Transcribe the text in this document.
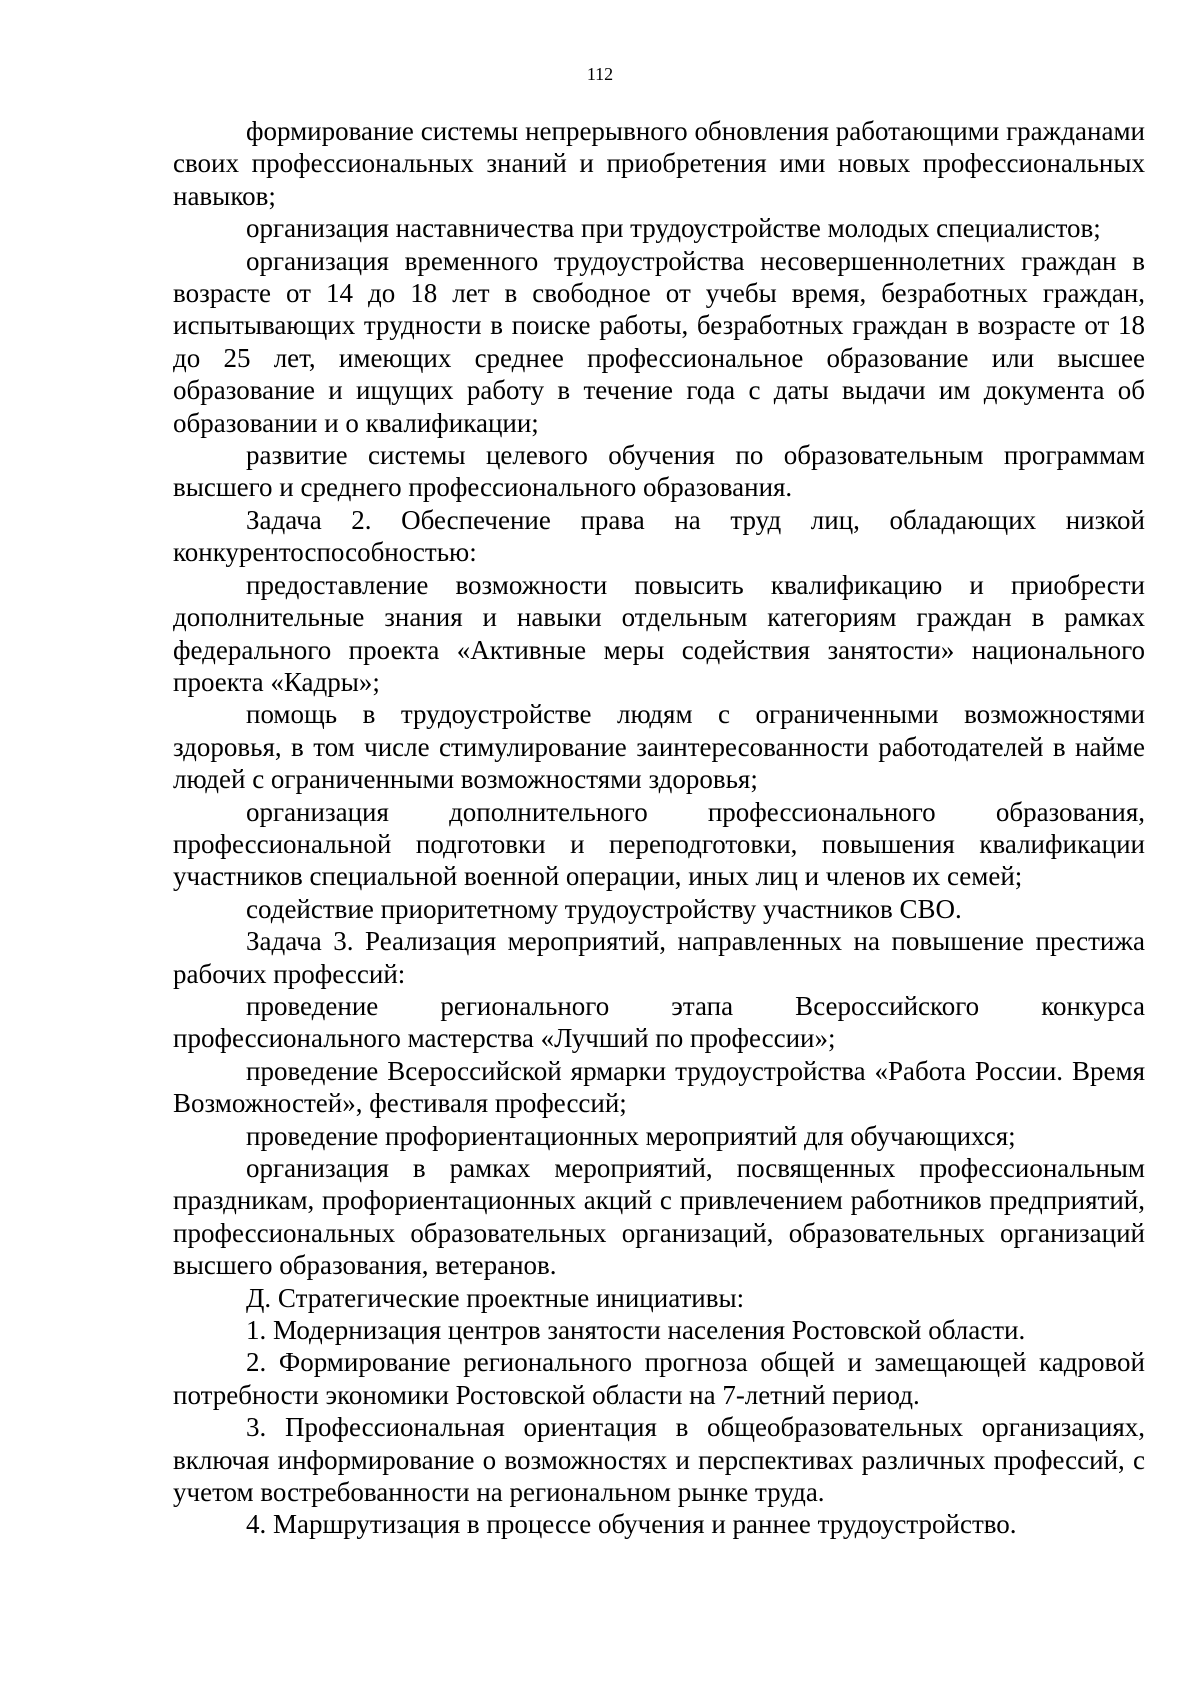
112

формирование системы непрерывного обновления работающими гражданами своих профессиональных знаний и приобретения ими новых профессиональных навыков;

организация наставничества при трудоустройстве молодых специалистов;

организация временного трудоустройства несовершеннолетних граждан в возрасте от 14 до 18 лет в свободное от учебы время, безработных граждан, испытывающих трудности в поиске работы, безработных граждан в возрасте от 18 до 25 лет, имеющих среднее профессиональное образование или высшее образование и ищущих работу в течение года с даты выдачи им документа об образовании и о квалификации;

развитие системы целевого обучения по образовательным программам высшего и среднего профессионального образования.

Задача 2. Обеспечение права на труд лиц, обладающих низкой конкурентоспособностью:

предоставление возможности повысить квалификацию и приобрести дополнительные знания и навыки отдельным категориям граждан в рамках федерального проекта «Активные меры содействия занятости» национального проекта «Кадры»;

помощь в трудоустройстве людям с ограниченными возможностями здоровья, в том числе стимулирование заинтересованности работодателей в найме людей с ограниченными возможностями здоровья;

организация дополнительного профессионального образования, профессиональной подготовки и переподготовки, повышения квалификации участников специальной военной операции, иных лиц и членов их семей;

содействие приоритетному трудоустройству участников СВО.

Задача 3. Реализация мероприятий, направленных на повышение престижа рабочих профессий:

проведение регионального этапа Всероссийского конкурса профессионального мастерства «Лучший по профессии»;

проведение Всероссийской ярмарки трудоустройства «Работа России. Время Возможностей», фестиваля профессий;

проведение профориентационных мероприятий для обучающихся;

организация в рамках мероприятий, посвященных профессиональным праздникам, профориентационных акций с привлечением работников предприятий, профессиональных образовательных организаций, образовательных организаций высшего образования, ветеранов.

Д. Стратегические проектные инициативы:

1. Модернизация центров занятости населения Ростовской области.

2. Формирование регионального прогноза общей и замещающей кадровой потребности экономики Ростовской области на 7-летний период.

3. Профессиональная ориентация в общеобразовательных организациях, включая информирование о возможностях и перспективах различных профессий, с учетом востребованности на региональном рынке труда.

4. Маршрутизация в процессе обучения и раннее трудоустройство.
